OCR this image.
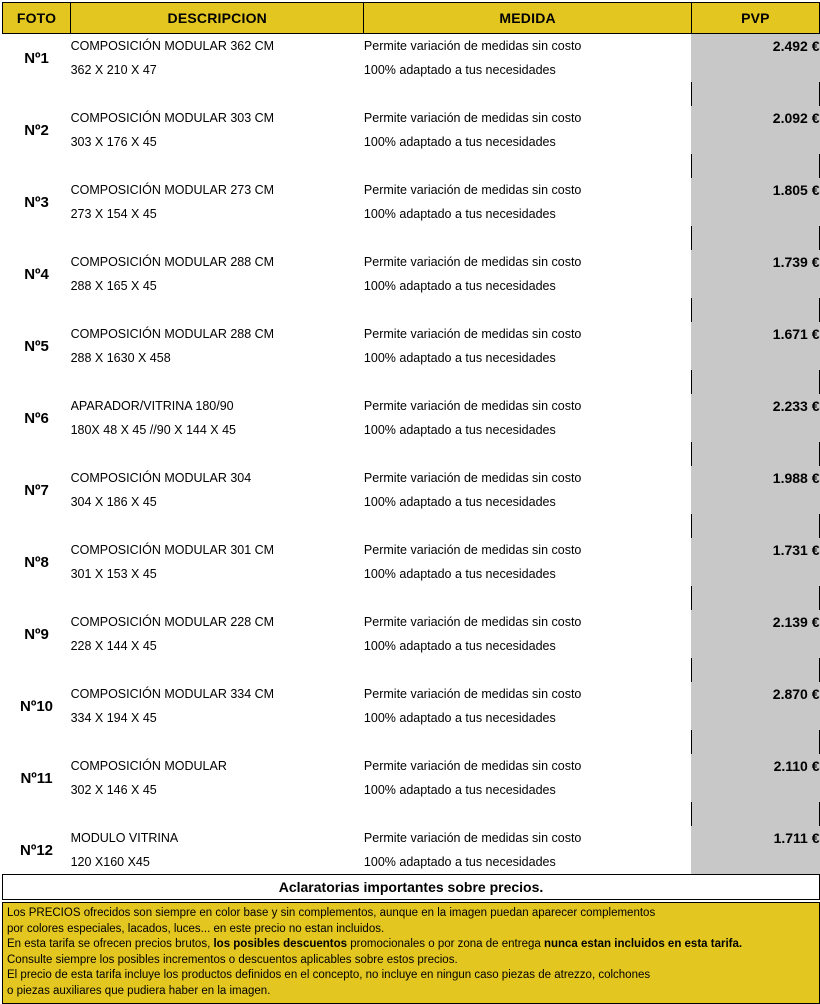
FOTO	DESCRIPCION	MEDIDA	PVP
Nº1	COMPOSICIÓN MODULAR 362 CM	Permite variación de medidas sin costo	2.492 €
	362 X 210 X 47	100% adaptado a tus necesidades	

Nº2	COMPOSICIÓN MODULAR 303 CM	Permite variación de medidas sin costo	2.092 €
	303 X 176 X 45	100% adaptado a tus necesidades	

Nº3	COMPOSICIÓN MODULAR 273 CM	Permite variación de medidas sin costo	1.805 €
	273 X 154 X 45	100% adaptado a tus necesidades	

Nº4	COMPOSICIÓN MODULAR 288 CM	Permite variación de medidas sin costo	1.739 €
	288 X 165 X 45	100% adaptado a tus necesidades	

Nº5	COMPOSICIÓN MODULAR 288 CM	Permite variación de medidas sin costo	1.671 €
	288 X 1630 X 458	100% adaptado a tus necesidades	

Nº6	APARADOR/VITRINA 180/90	Permite variación de medidas sin costo	2.233 €
	180X 48 X 45 //90 X 144 X 45	100% adaptado a tus necesidades	

Nº7	COMPOSICIÓN MODULAR 304	Permite variación de medidas sin costo	1.988 €
	304 X 186 X 45	100% adaptado a tus necesidades	

Nº8	COMPOSICIÓN MODULAR 301 CM	Permite variación de medidas sin costo	1.731 €
	301 X 153 X 45	100% adaptado a tus necesidades	

Nº9	COMPOSICIÓN MODULAR 228 CM	Permite variación de medidas sin costo	2.139 €
	228 X 144 X 45	100% adaptado a tus necesidades	

Nº10	COMPOSICIÓN MODULAR 334 CM	Permite variación de medidas sin costo	2.870 €
	334 X 194 X 45	100% adaptado a tus necesidades	

Nº11	COMPOSICIÓN MODULAR	Permite variación de medidas sin costo	2.110 €
	302 X 146 X 45	100% adaptado a tus necesidades	

Nº12	MODULO VITRINA	Permite variación de medidas sin costo	1.711 €
	120 X160 X45	100% adaptado a tus necesidades	
Aclaratorias importantes sobre precios.			

Los PRECIOS ofrecidos son siempre en color base y sin complementos, aunque en la imagen puedan aparecer complementos

por colores especiales, lacados, luces... en este precio no estan incluidos.

En esta tarifa se ofrecen precios brutos, los posibles descuentos promocionales o por zona de entrega nunca estan incluidos en esta tarifa.

Consulte siempre los posibles incrementos o descuentos aplicables sobre estos precios.

El precio de esta tarifa incluye los productos definidos en el concepto, no incluye en ningun caso piezas de atrezzo, colchones

o piezas auxiliares que pudiera haber en la imagen.
